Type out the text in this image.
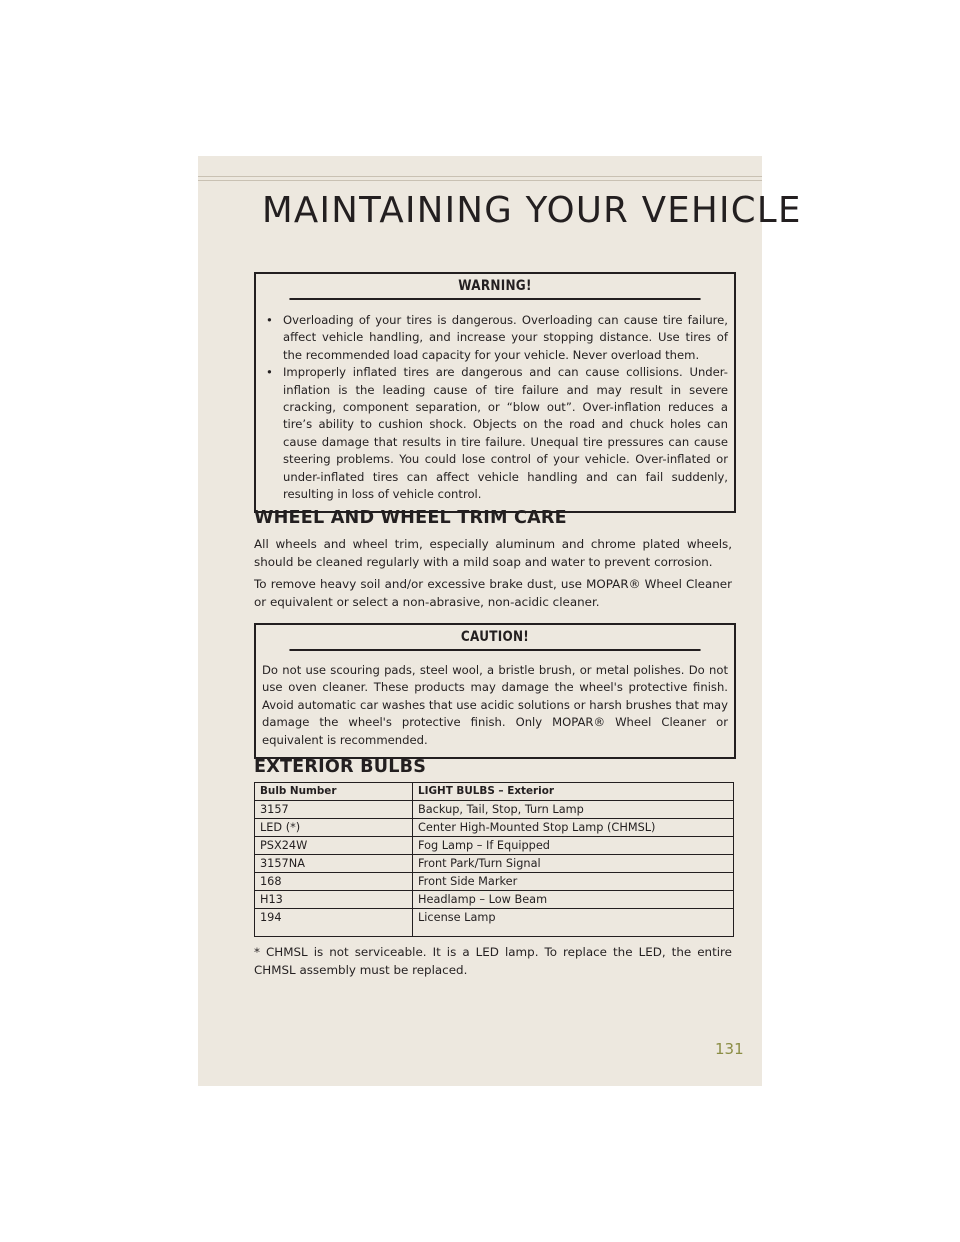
MAINTAINING YOUR VEHICLE
WARNING!
• Overloading of your tires is dangerous. Overloading can cause tire failure, affect vehicle handling, and increase your stopping distance. Use tires of the recommended load capacity for your vehicle. Never overload them.
• Improperly inflated tires are dangerous and can cause collisions. Under-inflation is the leading cause of tire failure and may result in severe cracking, component separation, or “blow out”. Over-inflation reduces a tire’s ability to cushion shock. Objects on the road and chuck holes can cause damage that results in tire failure. Unequal tire pressures can cause steering problems. You could lose control of your vehicle. Over-inflated or under-inflated tires can affect vehicle handling and can fail suddenly, resulting in loss of vehicle control.
WHEEL AND WHEEL TRIM CARE

All wheels and wheel trim, especially aluminum and chrome plated wheels, should be cleaned regularly with a mild soap and water to prevent corrosion.

To remove heavy soil and/or excessive brake dust, use MOPAR® Wheel Cleaner or equivalent or select a non-abrasive, non-acidic cleaner.

CAUTION!
Do not use scouring pads, steel wool, a bristle brush, or metal polishes. Do not use oven cleaner. These products may damage the wheel's protective finish. Avoid automatic car washes that use acidic solutions or harsh brushes that may damage the wheel's protective finish. Only MOPAR® Wheel Cleaner or equivalent is recommended.
EXTERIOR BULBS
Bulb Number	LIGHT BULBS – Exterior
3157	Backup, Tail, Stop, Turn Lamp
LED (*)	Center High-Mounted Stop Lamp (CHMSL)
PSX24W	Fog Lamp – If Equipped
3157NA	Front Park/Turn Signal
168	Front Side Marker
H13	Headlamp – Low Beam
194	License Lamp

* CHMSL is not serviceable. It is a LED lamp. To replace the LED, the entire CHMSL assembly must be replaced.

131
